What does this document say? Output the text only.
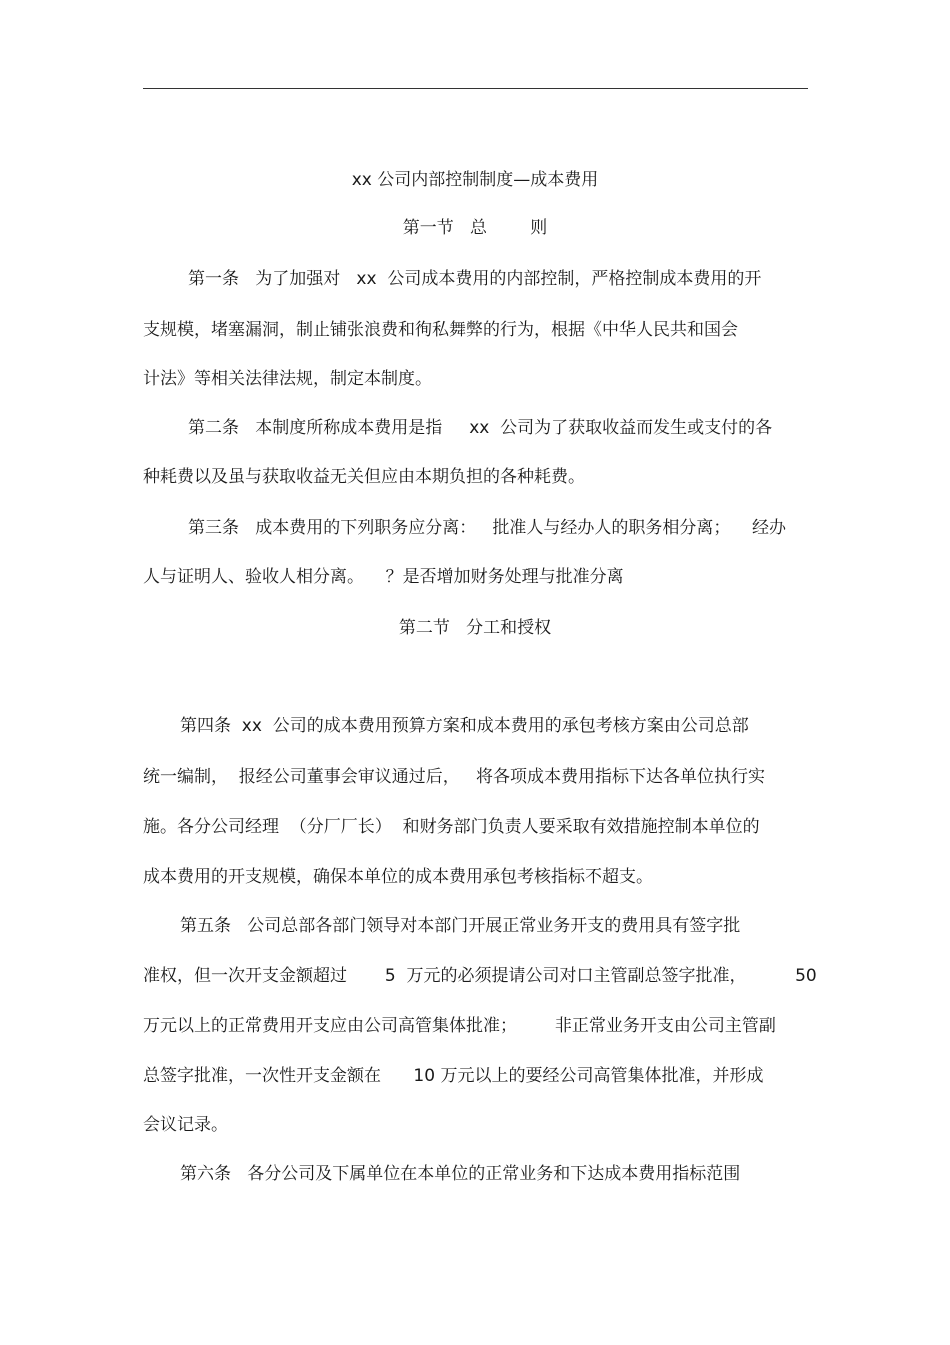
xx 公司内部控制制度—成本费用
第一节   总        则
第一条   为了加强对   xx  公司成本费用的内部控制，严格控制成本费用的开
支规模，堵塞漏洞，制止铺张浪费和徇私舞弊的行为，根据《中华人民共和国会
计法》等相关法律法规，制定本制度。
第二条   本制度所称成本费用是指     xx  公司为了获取收益而发生或支付的各
种耗费以及虽与获取收益无关但应由本期负担的各种耗费。
第三条   成本费用的下列职务应分离：   批准人与经办人的职务相分离；    经办
人与证明人、验收人相分离。    ？是否增加财务处理与批准分离
第二节   分工和授权
第四条  xx  公司的成本费用预算方案和成本费用的承包考核方案由公司总部
统一编制，  报经公司董事会审议通过后，   将各项成本费用指标下达各单位执行实
施。各分公司经理  （分厂厂长）  和财务部门负责人要采取有效措施控制本单位的
成本费用的开支规模，确保本单位的成本费用承包考核指标不超支。
第五条   公司总部各部门领导对本部门开展正常业务开支的费用具有签字批
准权，但一次开支金额超过       5  万元的必须提请公司对口主管副总签字批准，         50
万元以上的正常费用开支应由公司高管集体批准；       非正常业务开支由公司主管副
总签字批准，一次性开支金额在      10 万元以上的要经公司高管集体批准，并形成
会议记录。
第六条   各分公司及下属单位在本单位的正常业务和下达成本费用指标范围
